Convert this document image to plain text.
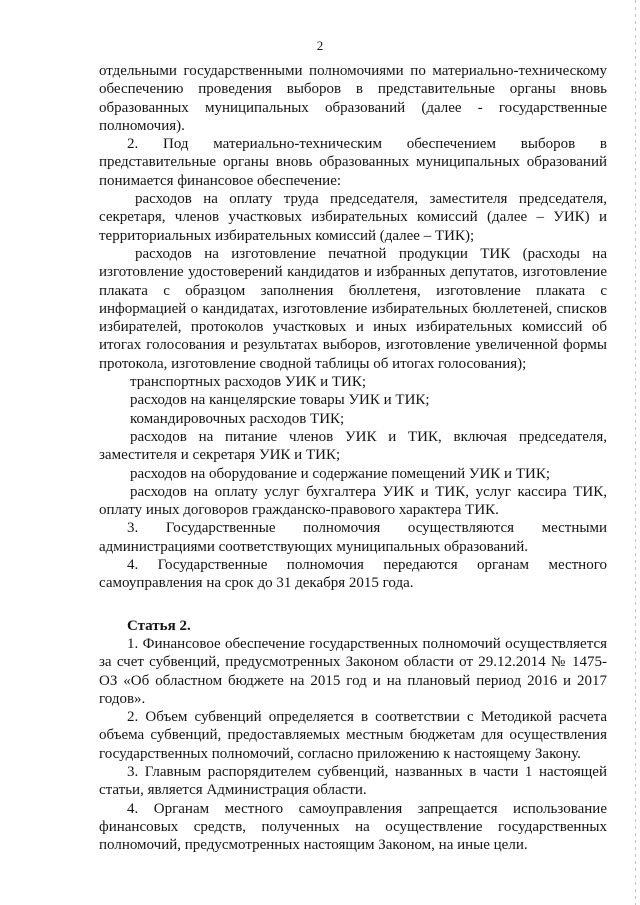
2

отдельными государственными полномочиями по материально-техническому обеспечению проведения выборов в представительные органы вновь образованных муниципальных образований (далее - государственные полномочия).

2. Под материально-техническим обеспечением выборов в представительные органы вновь образованных муниципальных образований понимается финансовое обеспечение:

расходов на оплату труда председателя, заместителя председателя, секретаря, членов участковых избирательных комиссий (далее – УИК) и территориальных избирательных комиссий (далее – ТИК);

расходов на изготовление печатной продукции ТИК (расходы на изготовление удостоверений кандидатов и избранных депутатов, изготовление плаката с образцом заполнения бюллетеня, изготовление плаката с информацией о кандидатах, изготовление избирательных бюллетеней, списков избирателей, протоколов участковых и иных избирательных комиссий об итогах голосования и результатах выборов, изготовление увеличенной формы протокола, изготовление сводной таблицы об итогах голосования);

транспортных расходов УИК и ТИК;

расходов на канцелярские товары УИК и ТИК;

командировочных расходов ТИК;

расходов на питание членов УИК и ТИК, включая председателя, заместителя и секретаря УИК и ТИК;

расходов на оборудование и содержание помещений УИК и ТИК;

расходов на оплату услуг бухгалтера УИК и ТИК, услуг кассира ТИК, оплату иных договоров гражданско-правового характера ТИК.

3. Государственные полномочия осуществляются местными администрациями соответствующих муниципальных образований.

4. Государственные полномочия передаются органам местного самоуправления на срок до 31 декабря 2015 года.

Статья 2.

1. Финансовое обеспечение государственных полномочий осуществляется за счет субвенций, предусмотренных Законом области от 29.12.2014 № 1475-ОЗ «Об областном бюджете на 2015 год и на плановый период 2016 и 2017 годов».

2. Объем субвенций определяется в соответствии с Методикой расчета объема субвенций, предоставляемых местным бюджетам для осуществления государственных полномочий, согласно приложению к настоящему Закону.

3. Главным распорядителем субвенций, названных в части 1 настоящей статьи, является Администрация области.

4. Органам местного самоуправления запрещается использование финансовых средств, полученных на осуществление государственных полномочий, предусмотренных настоящим Законом, на иные цели.
